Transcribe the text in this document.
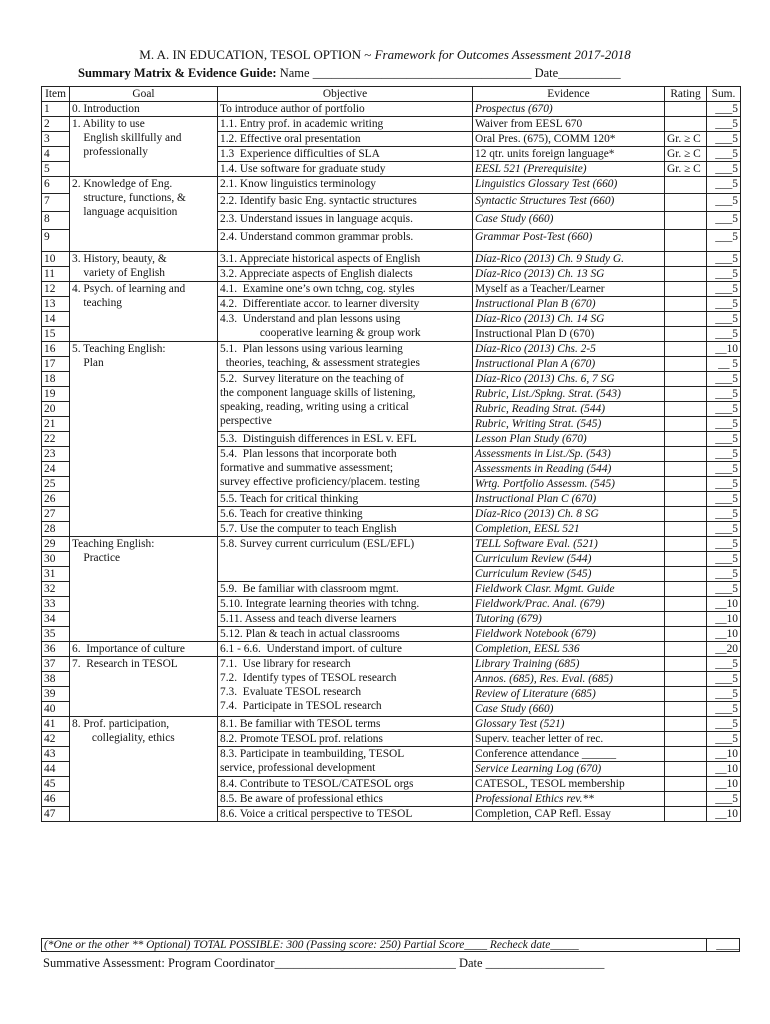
M. A. IN EDUCATION, TESOL OPTION ~ Framework for Outcomes Assessment 2017-2018
Summary Matrix & Evidence Guide: Name ___________________________________ Date__________
Item	Goal	Objective	Evidence	Rating	Sum.
1	0. Introduction	To introduce author of portfolio	Prospectus (670)		___5
2	1. Ability to use
English skillfully and
professionally	1.1. Entry prof. in academic writing	Waiver from EESL 670		___5
3		1.2. Effective oral presentation	Oral Pres. (675), COMM 120*	Gr. ≥ C	___5
4		1.3  Experience difficulties of SLA	12 qtr. units foreign language*	Gr. ≥ C	___5
5		1.4. Use software for graduate study	EESL 521 (Prerequisite)	Gr. ≥ C	___5
6	2. Knowledge of Eng.
structure, functions, &
language acquisition	2.1. Know linguistics terminology	Linguistics Glossary Test (660)		___5
7		2.2. Identify basic Eng. syntactic structures	Syntactic Structures Test (660)		___5
8		2.3. Understand issues in language acquis.	Case Study (660)		___5
9		2.4. Understand common grammar probls.	Grammar Post-Test (660)		___5
10	3. History, beauty, &
variety of English	3.1. Appreciate historical aspects of English	Díaz-Rico (2013) Ch. 9 Study G.		___5
11		3.2. Appreciate aspects of English dialects	Díaz-Rico (2013) Ch. 13 SG		___5
12	4. Psych. of learning and
teaching	4.1.  Examine one’s own tchng, cog. styles	Myself as a Teacher/Learner		___5
13		4.2.  Differentiate accor. to learner diversity	Instructional Plan B (670)		___5
14		4.3.  Understand and plan lessons using
cooperative learning & group work	Díaz-Rico (2013) Ch. 14 SG		___5
15			Instructional Plan D (670)		___5
16	5. Teaching English:
Plan	5.1.  Plan lessons using various learning
theories, teaching, & assessment strategies	Díaz-Rico (2013) Chs. 2-5		__10
17			Instructional Plan A (670)		__ 5
18		5.2.  Survey literature on the teaching of
the component language skills of listening,
speaking, reading, writing using a critical
perspective	Díaz-Rico (2013) Chs. 6, 7 SG		___5
19			Rubric, List./Spkng. Strat. (543)		___5
20			Rubric, Reading Strat. (544)		___5
21			Rubric, Writing Strat. (545)		___5
22		5.3.  Distinguish differences in ESL v. EFL	Lesson Plan Study (670)		___5
23		5.4.  Plan lessons that incorporate both
formative and summative assessment;
survey effective proficiency/placem. testing	Assessments in List./Sp. (543)		___5
24			Assessments in Reading (544)		___5
25			Wrtg. Portfolio Assessm. (545)		___5
26		5.5. Teach for critical thinking	Instructional Plan C (670)		___5
27		5.6. Teach for creative thinking	Díaz-Rico (2013) Ch. 8 SG		___5
28		5.7. Use the computer to teach English	Completion, EESL 521		___5
29	Teaching English:
Practice	5.8. Survey current curriculum (ESL/EFL)	TELL Software Eval. (521)		___5
30			Curriculum Review (544)		___5
31			Curriculum Review (545)		___5
32		5.9.  Be familiar with classroom mgmt.	Fieldwork Clasr. Mgmt. Guide		___5
33		5.10. Integrate learning theories with tchng.	Fieldwork/Prac. Anal. (679)		__10
34		5.11. Assess and teach diverse learners	Tutoring (679)		__10
35		5.12. Plan & teach in actual classrooms	Fieldwork Notebook (679)		__10
36	6.  Importance of culture	6.1 - 6.6.  Understand import. of culture	Completion, EESL 536		__20
37	7.  Research in TESOL	7.1.  Use library for research
7.2.  Identify types of TESOL research
7.3.  Evaluate TESOL research
7.4.  Participate in TESOL research	Library Training (685)		___5
38			Annos. (685), Res. Eval. (685)		___5
39			Review of Literature (685)		___5
40			Case Study (660)		___5
41	8. Prof. participation,
collegiality, ethics	8.1. Be familiar with TESOL terms	Glossary Test (521)		___5
42		8.2. Promote TESOL prof. relations	Superv. teacher letter of rec.		___5
43		8.3. Participate in teambuilding, TESOL
service, professional development	Conference attendance ______		__10
44			Service Learning Log (670)		__10
45		8.4. Contribute to TESOL/CATESOL orgs	CATESOL, TESOL membership		__10
46		8.5. Be aware of professional ethics	Professional Ethics rev.**		___5
47		8.6. Voice a critical perspective to TESOL	Completion, CAP Refl. Essay		__10
(*One or the other ** Optional) TOTAL POSSIBLE: 300 (Passing score: 250) Partial Score____ Recheck date_____	____
Summative Assessment: Program Coordinator_____________________________ Date ___________________
